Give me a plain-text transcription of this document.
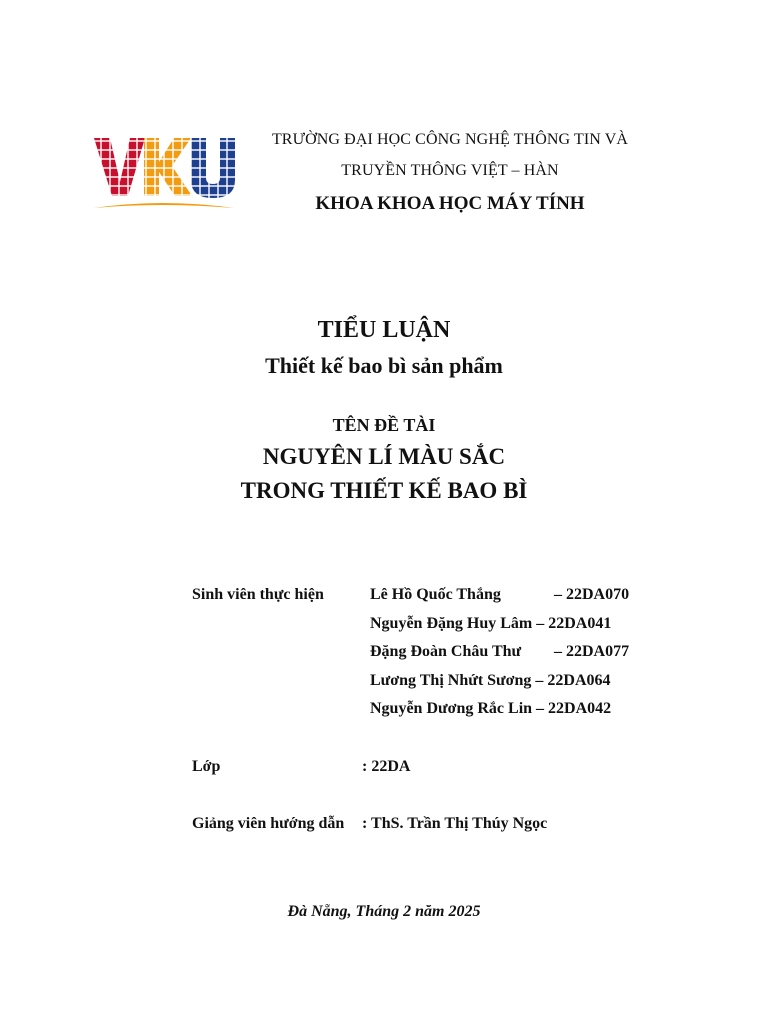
TRƯỜNG ĐẠI HỌC CÔNG NGHỆ THÔNG TIN VÀ
TRUYỀN THÔNG VIỆT – HÀN
KHOA KHOA HỌC MÁY TÍNH
TIỂU LUẬN
Thiết kế bao bì sản phẩm
TÊN ĐỀ TÀI
NGUYÊN LÍ MÀU SẮC
TRONG THIẾT KẾ BAO BÌ
Sinh viên thực hiện	Lê Hồ Quốc Thắng	– 22DA070
Nguyễn Đặng Huy Lâm – 22DA041
Đặng Đoàn Châu Thư – 22DA077
Lương Thị Nhứt Sương – 22DA064
Nguyễn Dương Rắc Lin – 22DA042
Lớp	: 22DA
Giảng viên hướng dẫn : ThS. Trần Thị Thúy Ngọc
Đà Nẵng, Tháng 2 năm 2025
